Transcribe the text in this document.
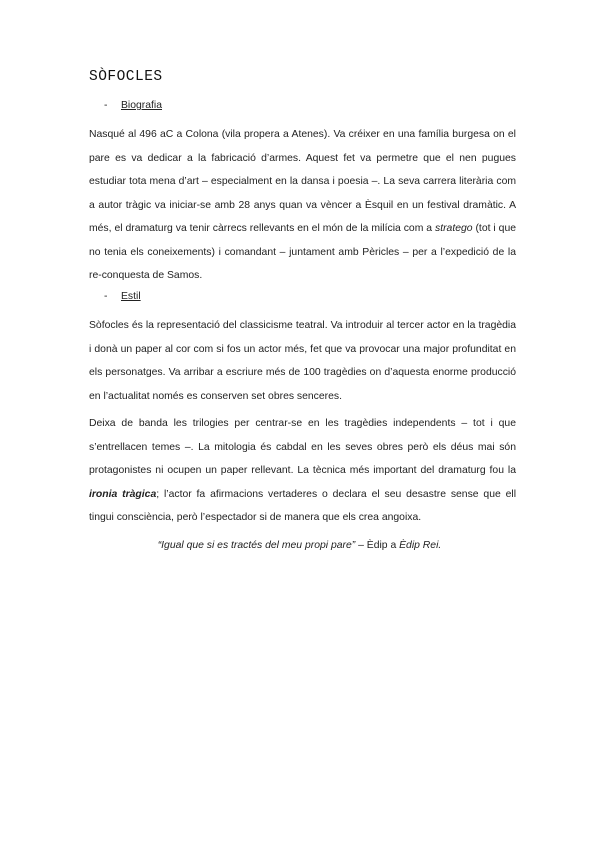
SÒFOCLES
- Biografia

Nasqué al 496 aC a Colona (vila propera a Atenes). Va créixer en una família burgesa on el pare es va dedicar a la fabricació d’armes. Aquest fet va permetre que el nen pugues estudiar tota mena d’art – especialment en la dansa i poesia –. La seva carrera literària com a autor tràgic va iniciar-se amb 28 anys quan va vèncer a Èsquil en un festival dramàtic. A més, el dramaturg va tenir càrrecs rellevants en el món de la milícia com a stratego (tot i que no tenia els coneixements) i comandant – juntament amb Pèricles – per a l’expedició de la re-conquesta de Samos.

- Estil

Sòfocles és la representació del classicisme teatral. Va introduir al tercer actor en la tragèdia i donà un paper al cor com si fos un actor més, fet que va provocar una major profunditat en els personatges. Va arribar a escriure més de 100 tragèdies on d’aquesta enorme producció en l’actualitat només es conserven set obres senceres.

Deixa de banda les trilogies per centrar-se en les tragèdies independents – tot i que s’entrellacen temes –. La mitologia és cabdal en les seves obres però els déus mai són protagonistes ni ocupen un paper rellevant. La tècnica més important del dramaturg fou la ironia tràgica; l’actor fa afirmacions vertaderes o declara el seu desastre sense que ell tingui consciència, però l’espectador si de manera que els crea angoixa.

“Igual que si es tractés del meu propi pare” – Èdip a Èdip Rei.
